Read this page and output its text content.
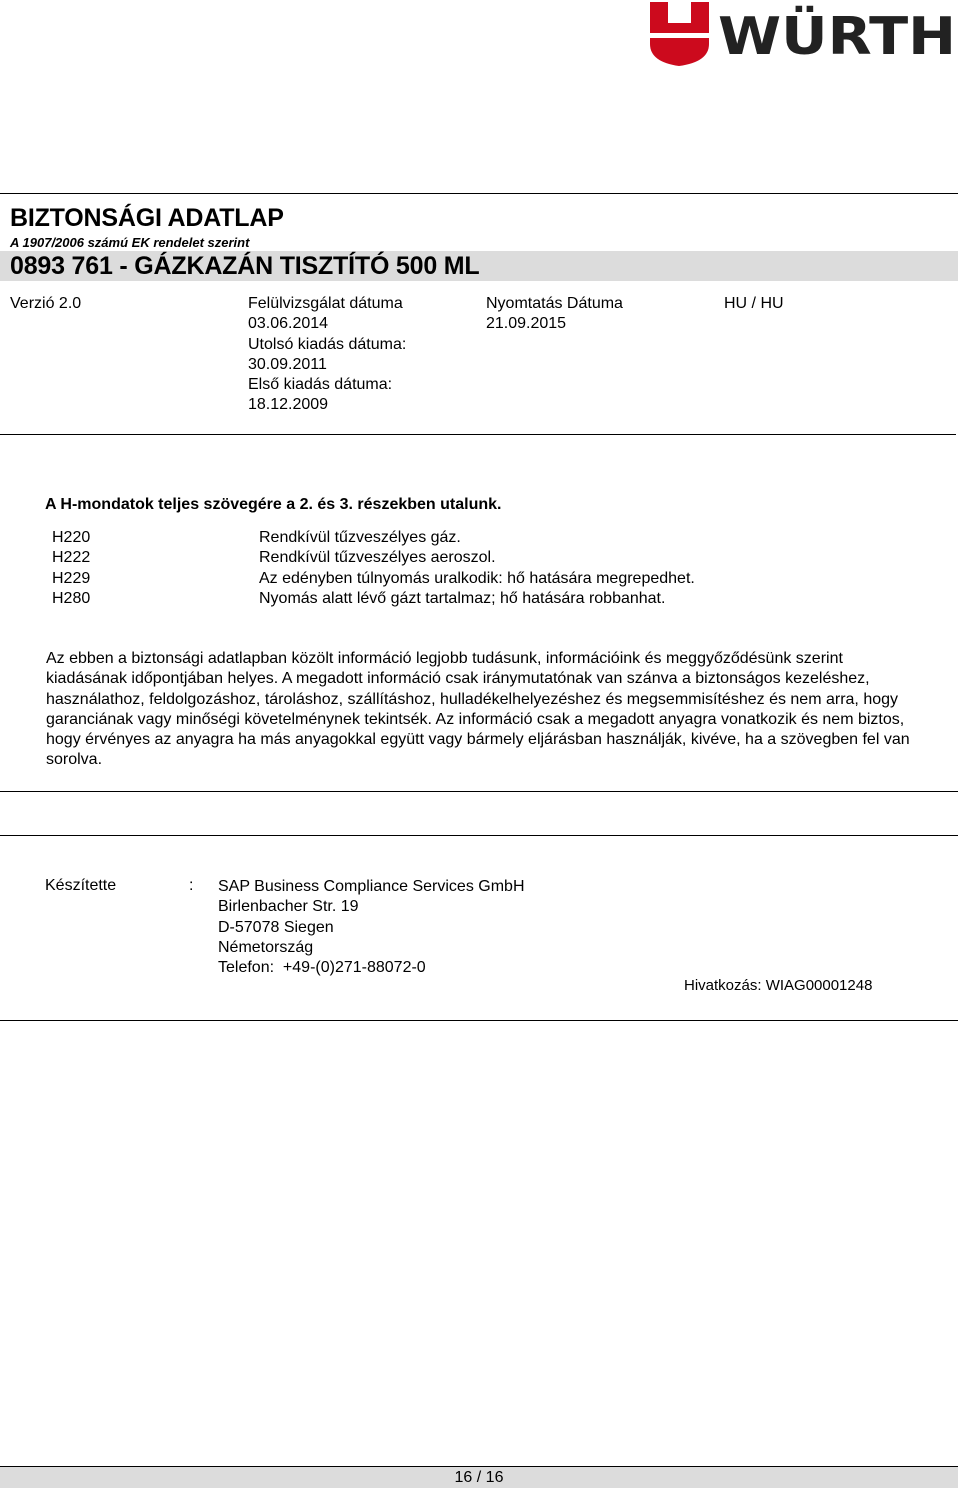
WÜRTH
BIZTONSÁGI ADATLAP
A 1907/2006 számú EK rendelet szerint
0893 761 - GÁZKAZÁN TISZTÍTÓ 500 ML
Verzió 2.0	Felülvizsgálat dátuma
03.06.2014
Utolsó kiadás dátuma:
30.09.2011
Első kiadás dátuma:
18.12.2009
Nyomtatás Dátuma
21.09.2015
HU / HU
A H-mondatok teljes szövegére a 2. és 3. részekben utalunk.
H220
H222
H229
H280
Rendkívül tűzveszélyes gáz.
Rendkívül tűzveszélyes aeroszol.
Az edényben túlnyomás uralkodik: hő hatására megrepedhet.
Nyomás alatt lévő gázt tartalmaz; hő hatására robbanhat.
Az ebben a biztonsági adatlapban közölt információ legjobb tudásunk, információink és meggyőződésünk szerint kiadásának időpontjában helyes. A megadott információ csak iránymutatónak van szánva a biztonságos kezeléshez, használathoz, feldolgozáshoz, tároláshoz, szállításhoz, hulladékelhelyezéshez és megsemmisítéshez és nem arra, hogy garanciának vagy minőségi követelménynek tekintsék. Az információ csak a megadott anyagra vonatkozik és nem biztos, hogy érvényes az anyagra ha más anyagokkal együtt vagy bármely eljárásban használják, kivéve, ha a szövegben fel van sorolva.
Készítette	: SAP Business Compliance Services GmbH
Birlenbacher Str. 19
D-57078 Siegen
Németország
Telefon:  +49-(0)271-88072-0
Hivatkozás: WIAG00001248
16 / 16
